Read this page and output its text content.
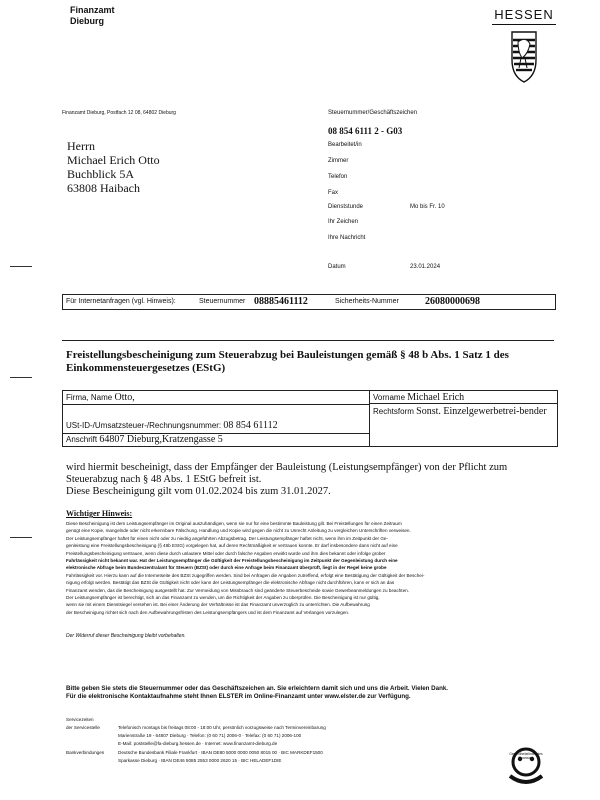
Finanzamt
Dieburg	HESSEN
Finanzamt Dieburg, Postfach 12 08, 64802 Dieburg
Herrn
Michael Erich Otto
Buchblick 5A
63808 Haibach
Steuernummer/Geschäftszeichen
08 854 6111 2 - G03
Bearbeitet/in
Zimmer
Telefon
Fax
Dienststunde	Mo bis Fr. 10
Ihr Zeichen
Ihre Nachricht
Datum	23.01.2024
Für Internetanfragen (vgl. Hinweis):	Steuernummer 08885461112	Sicherheits-Nummer	26080000698
Freistellungsbescheinigung zum Steuerabzug bei Bauleistungen gemäß § 48 b Abs. 1 Satz 1 des Einkommensteuergesetzes (EStG)
Firma, Name Otto,	Vorname Michael Erich
USt-ID-/Umsatzsteuer-/Rechnungsnummer: 08 854 61112
Rechtsform Sonst. Einzelgewerbetrei-bender
Anschrift 64807 Dieburg,Kratzengasse 5
wird hiermit bescheinigt, dass der Empfänger der Bauleistung (Leistungsempfänger) von der Pflicht zum Steuerabzug nach § 48 Abs. 1 EStG befreit ist.
Diese Bescheinigung gilt vom 01.02.2024 bis zum 31.01.2027.
Wichtiger Hinweis:
Diese Bescheinigung ist dem Leistungsempfänger im Original auszuhändigen, wenn sie nur für eine bestimmte Bauleistung gilt. Bei Freistellungen für einen Zeitraum
genügt eine Kopie, mangelnde oder nicht erkennbare Fälschung. Handlung und Kopie wird gegen die nicht zu Unrecht Anleitung zu vergleichen Unterschriften verweisen.
Der Leistungsempfänger haftet für einen nicht oder zu niedrig angeführten Abzugsbetrag. Der Leistungsempfänger haftet nicht, wenn ihm im Zeitpunkt der Ge-
genleistung eine Freistellungsbescheinigung (§ 48b EStG) vorgelegen hat, auf deren Rechtmäßigkeit er vertrauen konnte. Er darf insbesondere dann nicht auf eine
Freistellungsbescheinigung vertrauen, wenn diese durch unlautere Mittel oder durch falsche Angaben erwirkt wurde und ihm dies bekannt oder infolge grober
Fahrlässigkeit nicht bekannt war. Hat der Leistungsempfänger die Gültigkeit der Freistellungsbescheinigung im Zeitpunkt der Gegenleistung durch eine
elektronische Abfrage beim Bundeszentralamt für Steuern (BZSt) oder durch eine Anfrage beim Finanzamt überprüft, liegt in der Regel keine grobe
Fahrlässigkeit vor. Hierzu kann auf die Internetseite des BZSt zugegriffen werden. Sind bei Anfragen die Angaben zutreffend, erfolgt eine Bestätigung der Gültigkeit der Beschei-
nigung erfolgt werden. Bestätigt das BZSt die Gültigkeit nicht oder kann der Leistungsempfänger die elektronische Abfrage nicht durchführen, kann er sich an das
Finanzamt wenden, das die Bescheinigung ausgestellt hat. Zur Vermeidung von Missbrauch sind geänderte Steuerbescheide sowie Gewerbeanmeldungen zu beachten.
Der Leistungsempfänger ist berechtigt, sich an das Finanzamt zu wenden, um die Richtigkeit der Angaben zu überprüfen. Die Bescheinigung ist nur gültig,
wenn sie mit einem Dienstsiegel versehen ist. Bei einer Änderung der Verhältnisse ist das Finanzamt unverzüglich zu unterrichten. Die Aufbewahrung
der Bescheinigung richtet sich nach den Aufbewahrungsfristen des Leistungsempfängers und ist dem Finanzamt auf Verlangen vorzulegen.
Der Widerruf dieser Bescheinigung bleibt vorbehalten.
Bitte geben Sie stets die Steuernummer oder das Geschäftszeichen an. Sie erleichtern damit sich und uns die Arbeit. Vielen Dank.
Für die elektronische Kontaktaufnahme steht Ihnen ELSTER im Online-Finanzamt unter www.elster.de zur Verfügung.
Servicezeiten
der Servicestelle	Telefonisch montags bis freitags 08:00 - 18:00 Uhr, persönlich vorzugsweise nach Terminvereinbarung
Marienstraße 19 - 64807 Dieburg · Telefon: (0 60 71) 2006-0 · Telefax: (0 60 71) 2006-100
E-Mail: poststelle@fa-dieburg.hessen.de · Internet: www.finanzamt-dieburg.de
Bankverbindungen	Deutsche Bundesbank Filiale Frankfurt · IBAN DE80 5000 0000 0050 8015 00 · BIC MARKDEF1500
Sparkasse Dieburg · IBAN DE46 5085 2553 0000 2620 15 · BIC HELADEF1DIE
Gesundheitsförderndes Finanzamt
